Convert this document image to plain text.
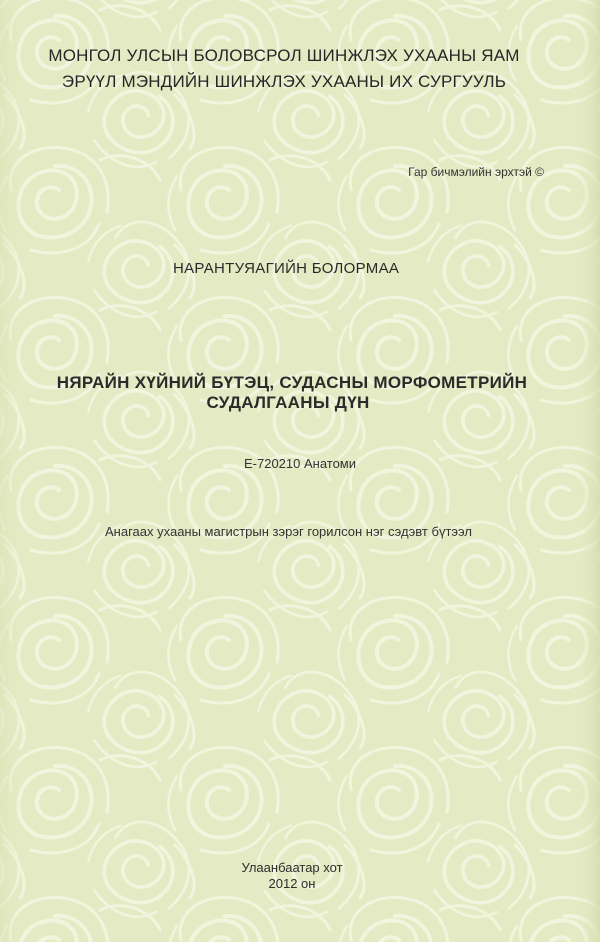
МОНГОЛ УЛСЫН БОЛОВСРОЛ ШИНЖЛЭХ УХААНЫ ЯАМ
ЭРҮҮЛ МЭНДИЙН ШИНЖЛЭХ УХААНЫ ИХ СУРГУУЛЬ
Гар бичмэлийн эрхтэй ©
НАРАНТУЯАГИЙН БОЛОРМАА
НЯРАЙН ХҮЙНИЙ БҮТЭЦ, СУДАСНЫ МОРФОМЕТРИЙН
СУДАЛГААНЫ ДҮН
Е-720210 Анатоми
Анагаах ухааны магистрын зэрэг горилсон нэг сэдэвт бүтээл
Улаанбаатар хот
2012 он
